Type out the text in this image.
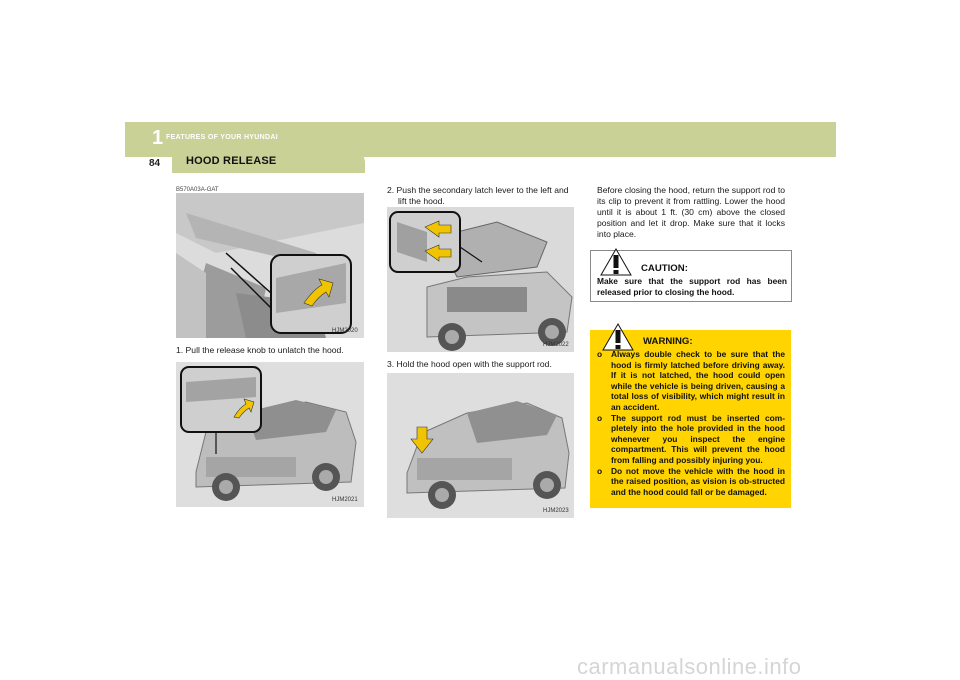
1 FEATURES OF YOUR HYUNDAI
84 HOOD RELEASE
B570A03A-GAT
HJM2020
1. Pull the release knob to unlatch the hood.
HJM2021
2. Push the secondary latch lever to the left and
lift the hood.
HJM2022
3. Hold the hood open with the support rod.
HJM2023
Before closing the hood, return the support rod to its clip to prevent it from rattling. Lower the hood until it is about 1 ft. (30 cm) above the closed position and let it drop. Make sure that it locks into place.
CAUTION:
Make sure that the support rod has been released prior to closing the hood.
WARNING:
o Always double check to be sure that the hood is firmly latched before driving away. If it is not latched, the hood could open while the vehicle is being driven, causing a total loss of visibility, which might result in an accident.
o The support rod must be inserted com-pletely into the hole provided in the hood whenever you inspect the engine compartment. This will prevent the hood from falling and possibly injuring you.
o Do not move the vehicle with the hood in the raised position, as vision is ob-structed and the hood could fall or be damaged.
carmanualsonline.info
